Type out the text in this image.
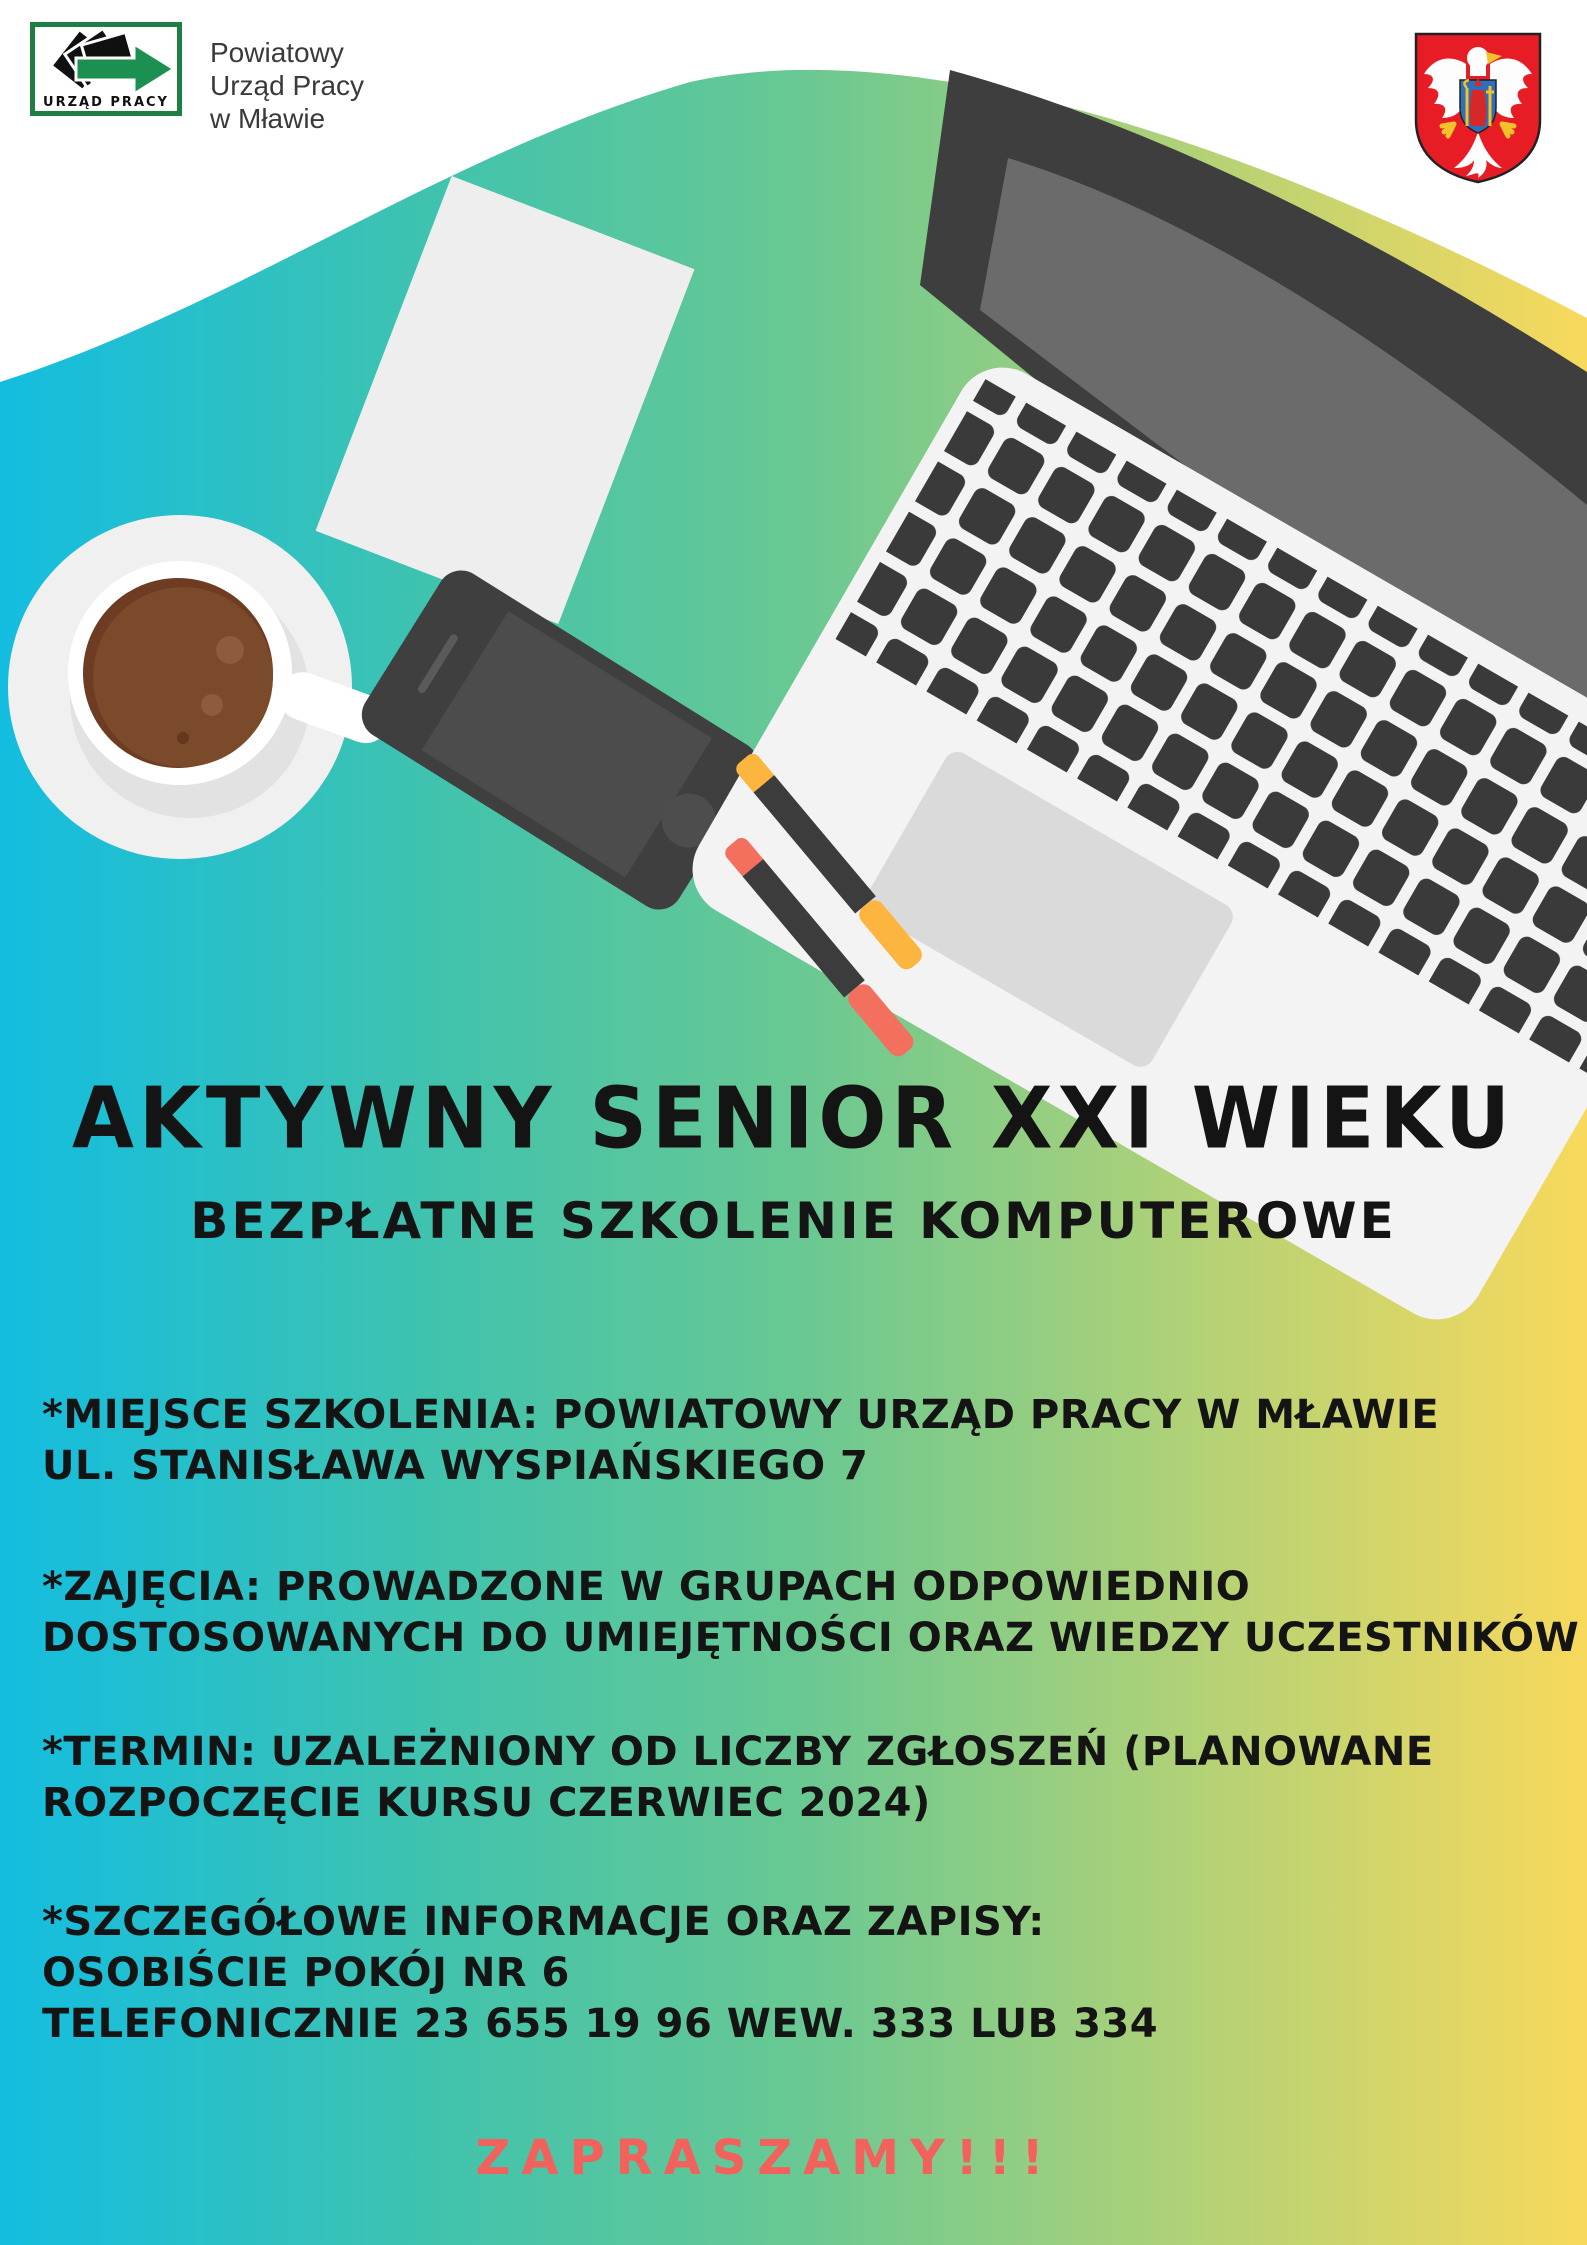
URZĄD PRACY
Powiatowy
Urząd Pracy
w Mławie
AKTYWNY SENIOR XXI WIEKU
BEZPŁATNE SZKOLENIE KOMPUTEROWE
*MIEJSCE SZKOLENIA: POWIATOWY URZĄD PRACY W MŁAWIE
UL. STANISŁAWA WYSPIAŃSKIEGO 7
*ZAJĘCIA: PROWADZONE W GRUPACH ODPOWIEDNIO
DOSTOSOWANYCH DO UMIEJĘTNOŚCI ORAZ WIEDZY UCZESTNIKÓW
*TERMIN: UZALEŻNIONY OD LICZBY ZGŁOSZEŃ (PLANOWANE
ROZPOCZĘCIE KURSU CZERWIEC 2024)
*SZCZEGÓŁOWE INFORMACJE ORAZ ZAPISY:
OSOBIŚCIE POKÓJ NR 6
TELEFONICZNIE 23 655 19 96 WEW. 333 LUB 334
ZAPRASZAMY!!!
